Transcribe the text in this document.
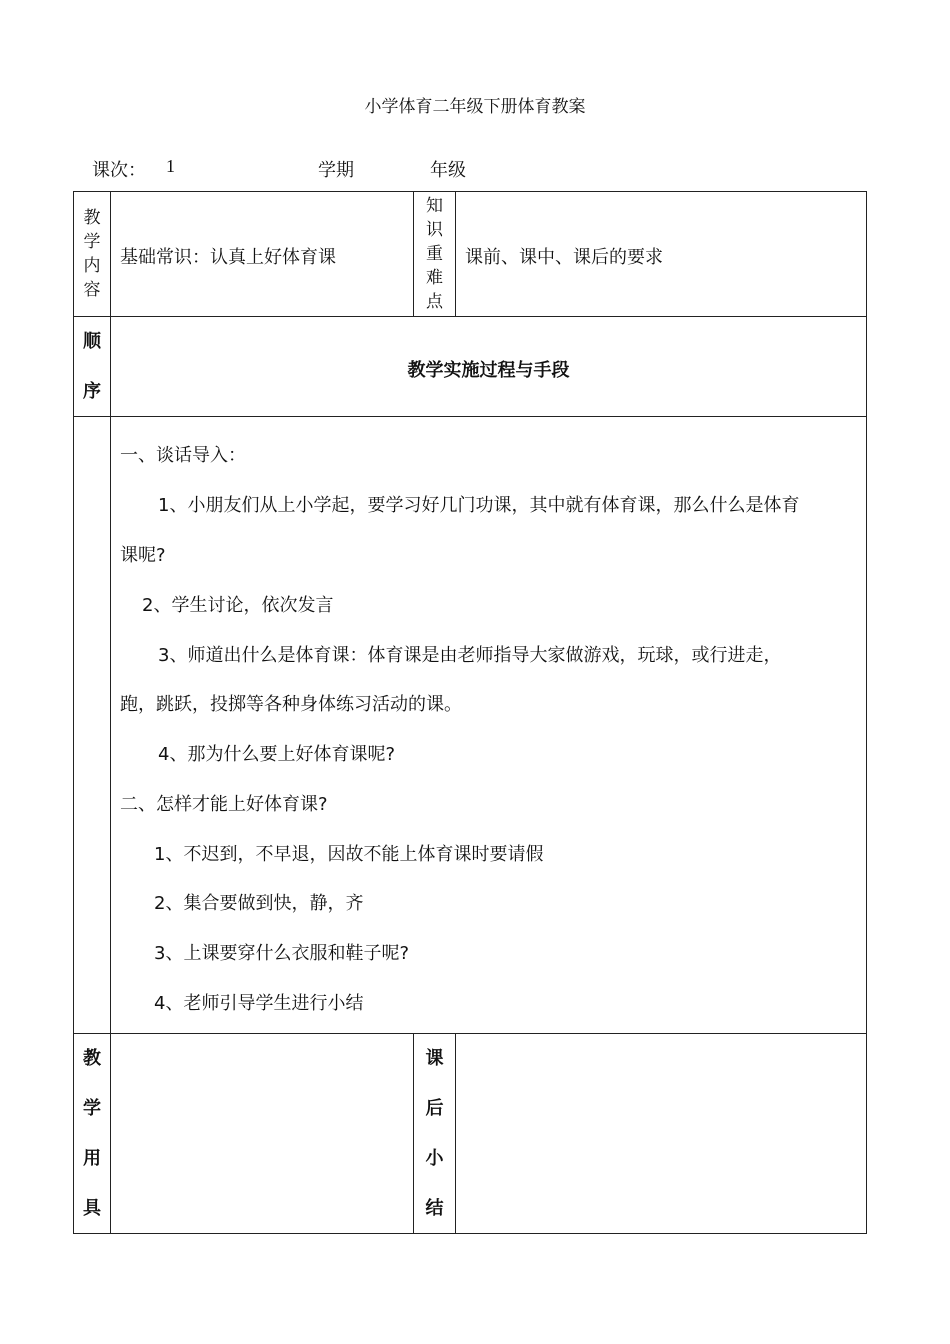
小学体育二年级下册体育教案
课次： 1	学期	年级
教
学
内
容
基础常识：认真上好体育课
知
识
重
难
点
课前、课中、课后的要求
顺
序
教学实施过程与手段
一、谈话导入：
1、小朋友们从上小学起，要学习好几门功课，其中就有体育课，那么什么是体育
课呢?
2、学生讨论，依次发言
3、师道出什么是体育课：体育课是由老师指导大家做游戏，玩球，或行进走，
跑，跳跃，投掷等各种身体练习活动的课。
4、那为什么要上好体育课呢?
二、怎样才能上好体育课?
1、不迟到，不早退，因故不能上体育课时要请假
2、集合要做到快，静，齐
3、上课要穿什么衣服和鞋子呢?
4、老师引导学生进行小结
教
学
用
具
课
后
小
结
